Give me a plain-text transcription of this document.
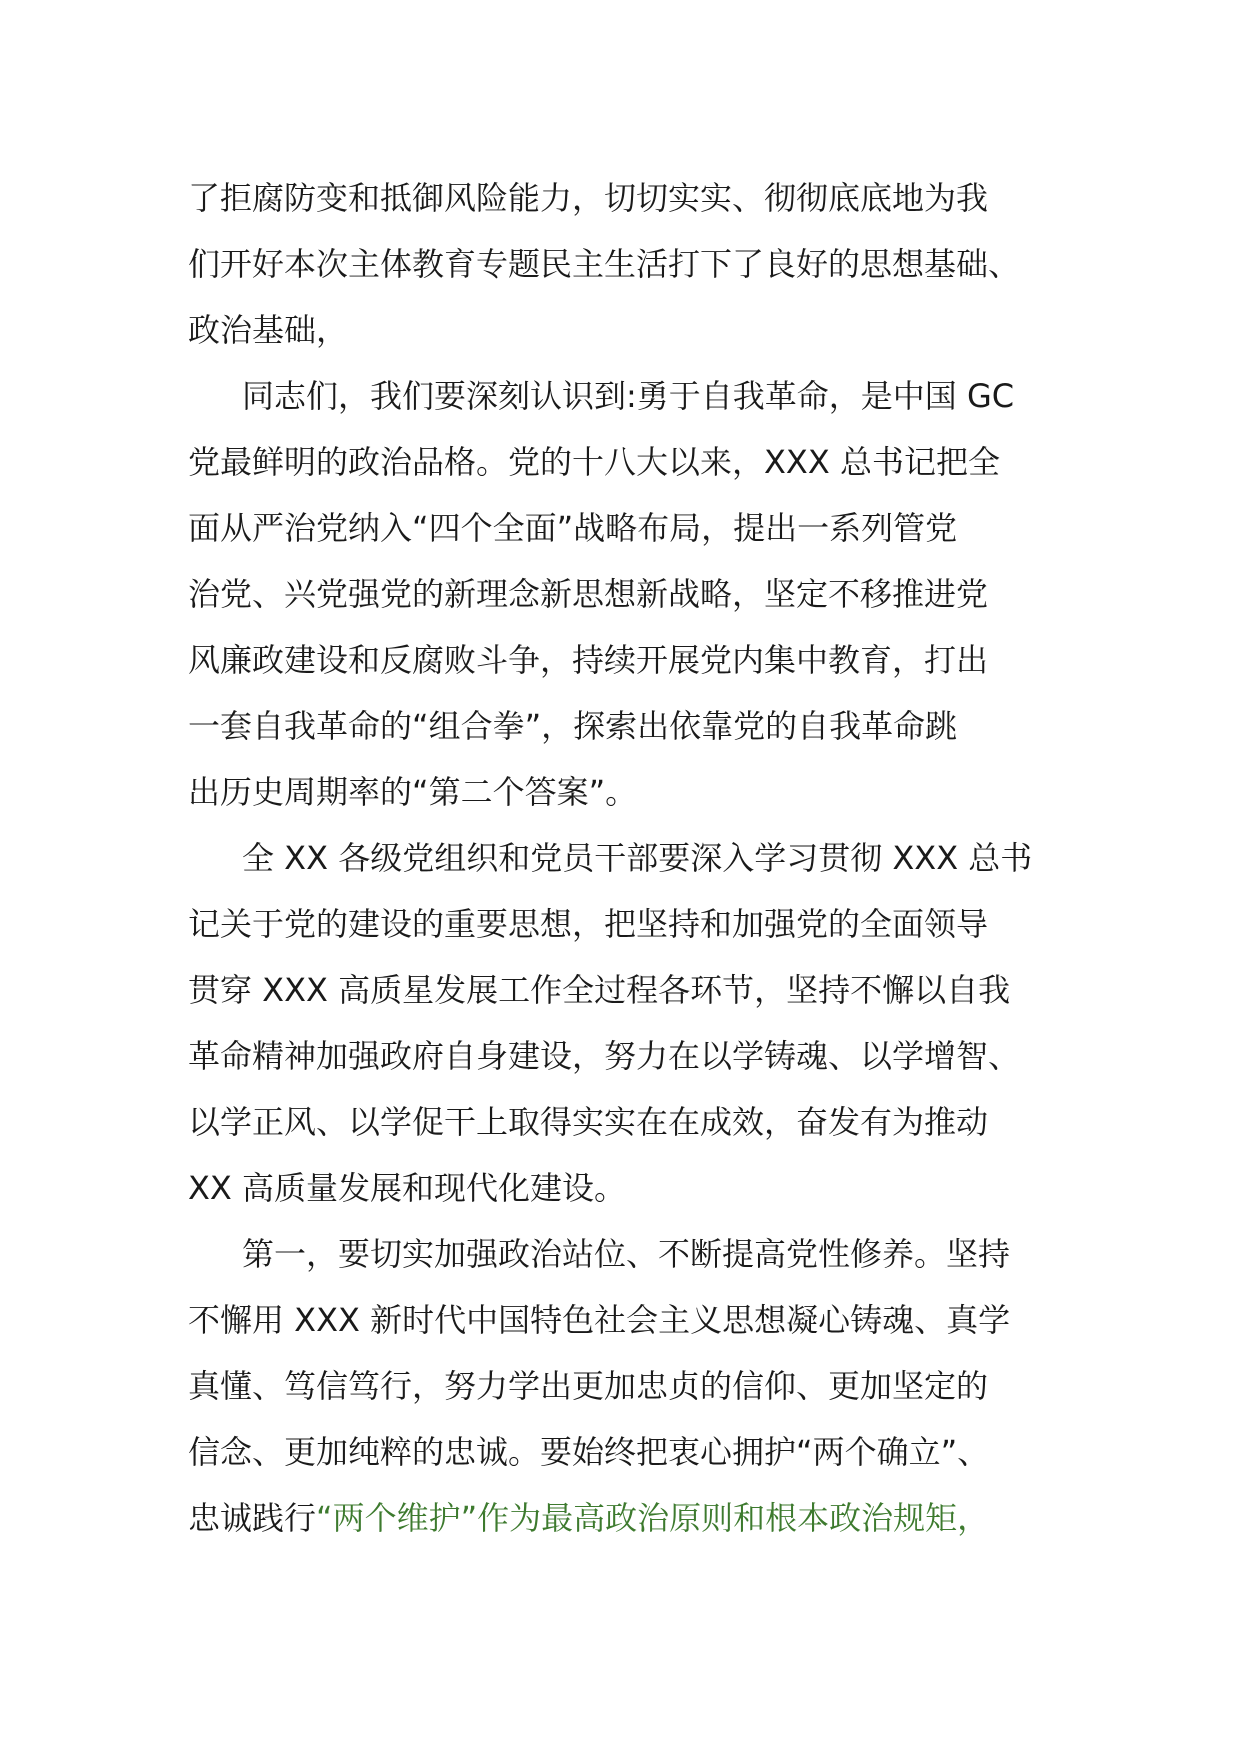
了拒腐防变和抵御风险能力，切切实实、彻彻底底地为我
们开好本次主体教育专题民主生活打下了良好的思想基础、
政治基础，
同志们，我们要深刻认识到:勇于自我革命，是中国 GC
党最鲜明的政治品格。党的十八大以来，XXX 总书记把全
面从严治党纳入“四个全面”战略布局，提出一系列管党
治党、兴党强党的新理念新思想新战略，坚定不移推进党
风廉政建设和反腐败斗争，持续开展党内集中教育，打出
一套自我革命的“组合拳”，探索出依靠党的自我革命跳
出历史周期率的“第二个答案”。
全 XX 各级党组织和党员干部要深入学习贯彻 XXX 总书
记关于党的建设的重要思想，把坚持和加强党的全面领导
贯穿 XXX 高质星发展工作全过程各环节，坚持不懈以自我
革命精神加强政府自身建设，努力在以学铸魂、以学增智、
以学正风、以学促干上取得实实在在成效，奋发有为推动
XX 高质量发展和现代化建设。
第一，要切实加强政治站位、不断提高党性修养。坚持
不懈用 XXX 新时代中国特色社会主义思想凝心铸魂、真学
真懂、笃信笃行，努力学出更加忠贞的信仰、更加坚定的
信念、更加纯粹的忠诚。要始终把衷心拥护“两个确立”、
忠诚践行“两个维护”作为最高政治原则和根本政治规矩，
